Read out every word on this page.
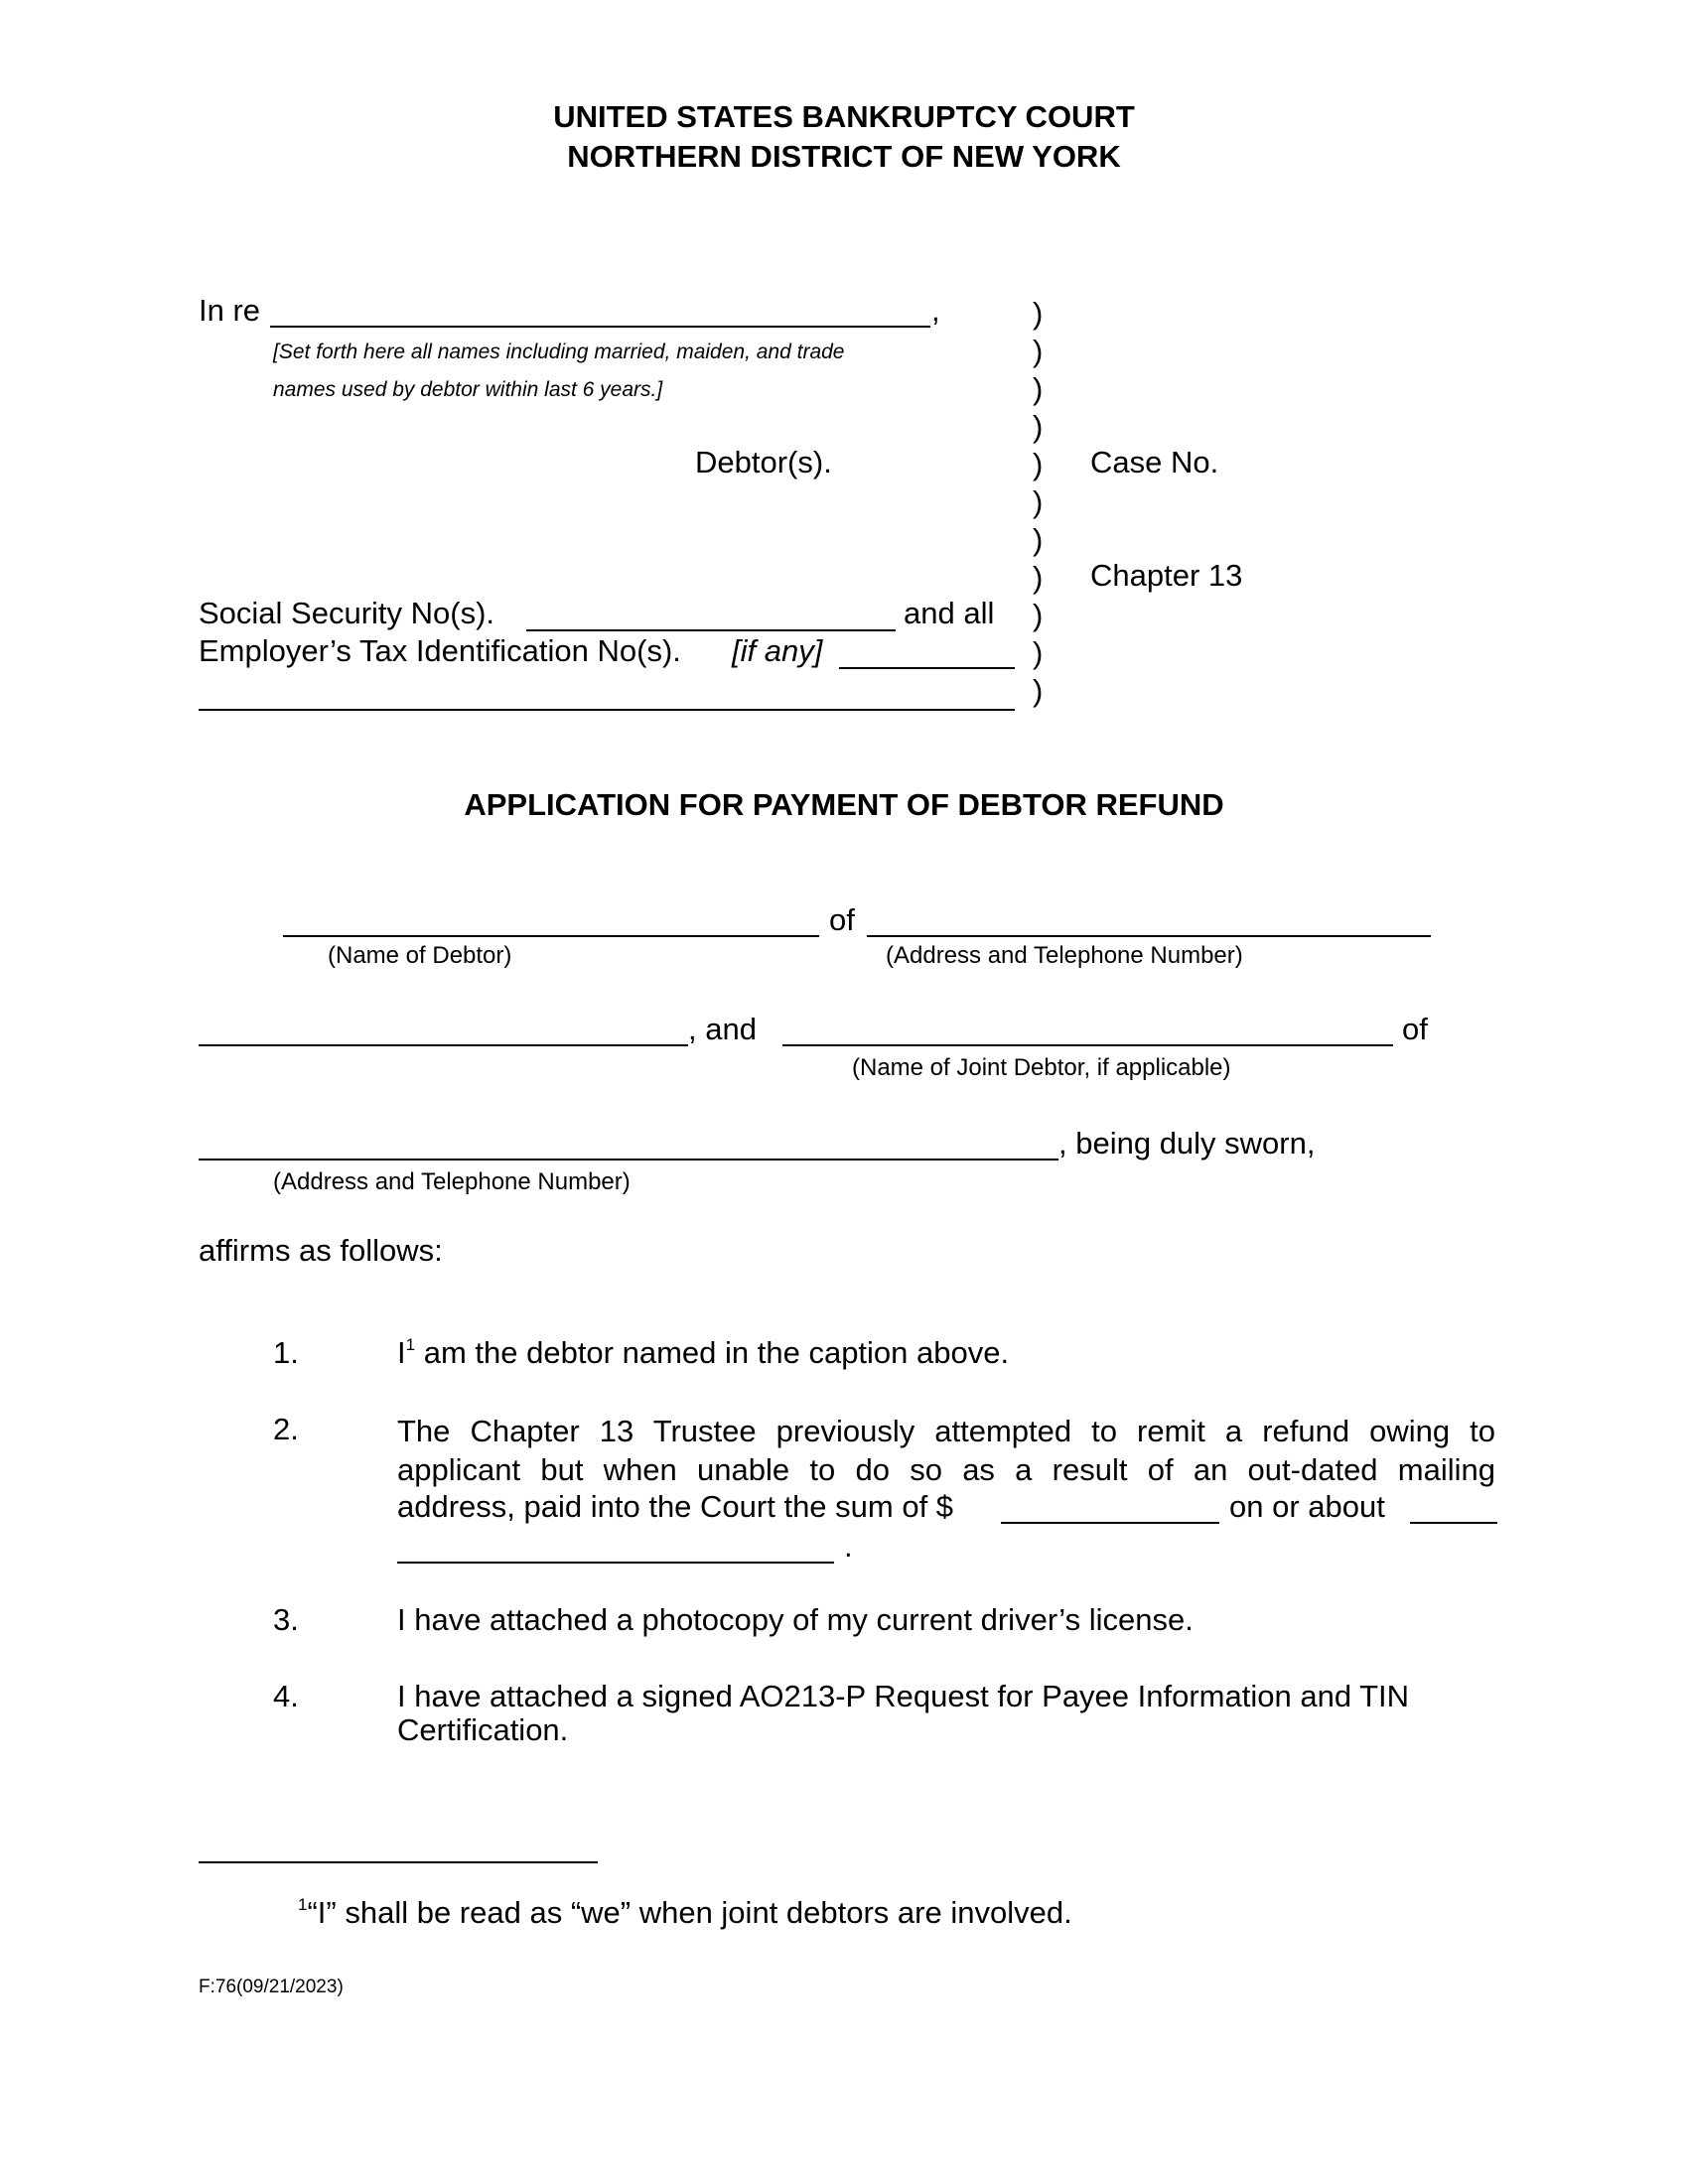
UNITED STATES BANKRUPTCY COURT
NORTHERN DISTRICT OF NEW YORK
In re	,
[Set forth here all names including married, maiden, and trade
names used by debtor within last 6 years.]
Debtor(s).
)
)
)
)
)
)
)
)
)
)
)
Case No.
Chapter 13
Social Security No(s).	and all
Employer’s Tax Identification No(s). [if any]
APPLICATION FOR PAYMENT OF DEBTOR REFUND
of
(Name of Debtor)	(Address and Telephone Number)
, and	of
(Name of Joint Debtor, if applicable)
, being duly sworn,
(Address and Telephone Number)
affirms as follows:
1.	$I^1$ am the debtor named in the caption above.
2.	The Chapter 13 Trustee previously attempted to remit a refund owing to
applicant but when unable to do so as a result of an out-dated mailing
address, paid into the Court the sum of $	on or about
.
3.	I have attached a photocopy of my current driver’s license.
4.	I have attached a signed AO213-P Request for Payee Information and TIN
Certification.
$^1$“I” shall be read as “we” when joint debtors are involved.
F:76(09/21/2023)
